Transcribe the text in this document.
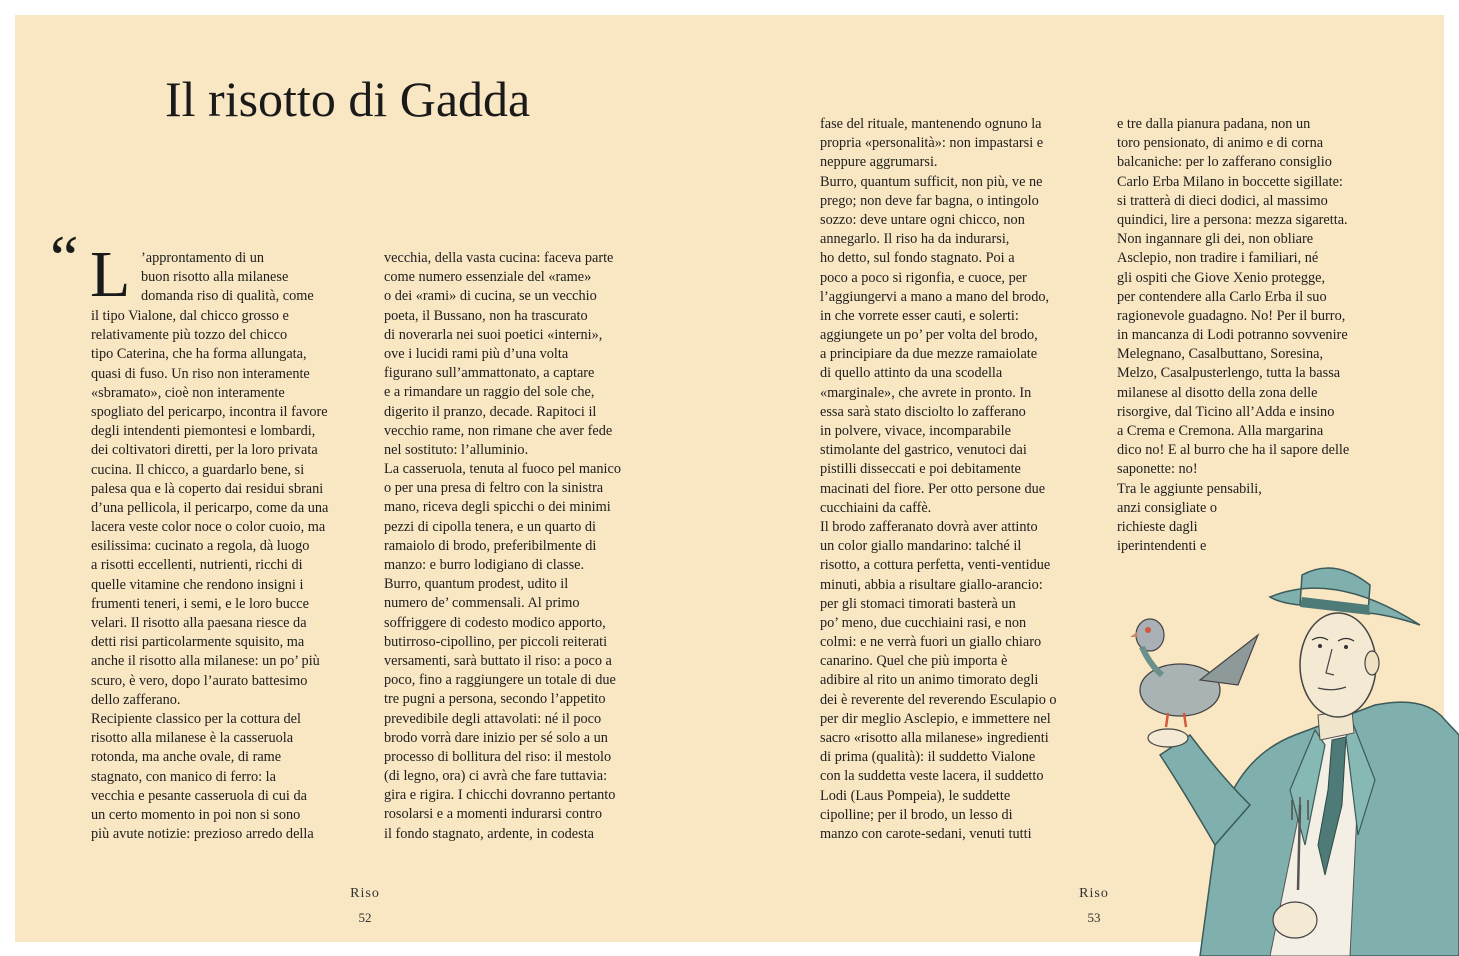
Il risotto di Gadda
“ L ’approntamento di un
buon risotto alla milanese
domanda riso di qualità, come
il tipo Vialone, dal chicco grosso e
relativamente più tozzo del chicco
tipo Caterina, che ha forma allungata,
quasi di fuso. Un riso non interamente
«sbramato», cioè non interamente
spogliato del pericarpo, incontra il favore
degli intendenti piemontesi e lombardi,
dei coltivatori diretti, per la loro privata
cucina. Il chicco, a guardarlo bene, si
palesa qua e là coperto dai residui sbrani
d’una pellicola, il pericarpo, come da una
lacera veste color noce o color cuoio, ma
esilissima: cucinato a regola, dà luogo
a risotti eccellenti, nutrienti, ricchi di
quelle vitamine che rendono insigni i
frumenti teneri, i semi, e le loro bucce
velari. Il risotto alla paesana riesce da
detti risi particolarmente squisito, ma
anche il risotto alla milanese: un po’ più
scuro, è vero, dopo l’aurato battesimo
dello zafferano.
Recipiente classico per la cottura del
risotto alla milanese è la casseruola
rotonda, ma anche ovale, di rame
stagnato, con manico di ferro: la
vecchia e pesante casseruola di cui da
un certo momento in poi non si sono
più avute notizie: prezioso arredo della
vecchia, della vasta cucina: faceva parte
come numero essenziale del «rame»
o dei «rami» di cucina, se un vecchio
poeta, il Bussano, non ha trascurato
di noverarla nei suoi poetici «interni»,
ove i lucidi rami più d’una volta
figurano sull’ammattonato, a captare
e a rimandare un raggio del sole che,
digerito il pranzo, decade. Rapitoci il
vecchio rame, non rimane che aver fede
nel sostituto: l’alluminio.
La casseruola, tenuta al fuoco pel manico
o per una presa di feltro con la sinistra
mano, riceva degli spicchi o dei minimi
pezzi di cipolla tenera, e un quarto di
ramaiolo di brodo, preferibilmente di
manzo: e burro lodigiano di classe.
Burro, quantum prodest, udito il
numero de’ commensali. Al primo
soffriggere di codesto modico apporto,
butirroso-cipollino, per piccoli reiterati
versamenti, sarà buttato il riso: a poco a
poco, fino a raggiungere un totale di due
tre pugni a persona, secondo l’appetito
prevedibile degli attavolati: né il poco
brodo vorrà dare inizio per sé solo a un
processo di bollitura del riso: il mestolo
(di legno, ora) ci avrà che fare tuttavia:
gira e rigira. I chicchi dovranno pertanto
rosolarsi e a momenti indurarsi contro
il fondo stagnato, ardente, in codesta
fase del rituale, mantenendo ognuno la
propria «personalità»: non impastarsi e
neppure aggrumarsi.
Burro, quantum sufficit, non più, ve ne
prego; non deve far bagna, o intingolo
sozzo: deve untare ogni chicco, non
annegarlo. Il riso ha da indurarsi,
ho detto, sul fondo stagnato. Poi a
poco a poco si rigonfia, e cuoce, per
l’aggiungervi a mano a mano del brodo,
in che vorrete esser cauti, e solerti:
aggiungete un po’ per volta del brodo,
a principiare da due mezze ramaiolate
di quello attinto da una scodella
«marginale», che avrete in pronto. In
essa sarà stato disciolto lo zafferano
in polvere, vivace, incomparabile
stimolante del gastrico, venutoci dai
pistilli disseccati e poi debitamente
macinati del fiore. Per otto persone due
cucchiaini da caffè.
Il brodo zafferanato dovrà aver attinto
un color giallo mandarino: talché il
risotto, a cottura perfetta, venti-ventidue
minuti, abbia a risultare giallo-arancio:
per gli stomaci timorati basterà un
po’ meno, due cucchiaini rasi, e non
colmi: e ne verrà fuori un giallo chiaro
canarino. Quel che più importa è
adibire al rito un animo timorato degli
dei è reverente del reverendo Esculapio o
per dir meglio Asclepio, e immettere nel
sacro «risotto alla milanese» ingredienti
di prima (qualità): il suddetto Vialone
con la suddetta veste lacera, il suddetto
Lodi (Laus Pompeia), le suddette
cipolline; per il brodo, un lesso di
manzo con carote-sedani, venuti tutti
e tre dalla pianura padana, non un
toro pensionato, di animo e di corna
balcaniche: per lo zafferano consiglio
Carlo Erba Milano in boccette sigillate:
si tratterà di dieci dodici, al massimo
quindici, lire a persona: mezza sigaretta.
Non ingannare gli dei, non obliare
Asclepio, non tradire i familiari, né
gli ospiti che Giove Xenio protegge,
per contendere alla Carlo Erba il suo
ragionevole guadagno. No! Per il burro,
in mancanza di Lodi potranno sovvenire
Melegnano, Casalbuttano, Soresina,
Melzo, Casalpusterlengo, tutta la bassa
milanese al disotto della zona delle
risorgive, dal Ticino all’Adda e insino
a Crema e Cremona. Alla margarina
dico no! E al burro che ha il sapore delle
saponette: no!
Tra le aggiunte pensabili,
anzi consigliate o
richieste dagli
iperintendenti e
Riso
52
Riso
53
